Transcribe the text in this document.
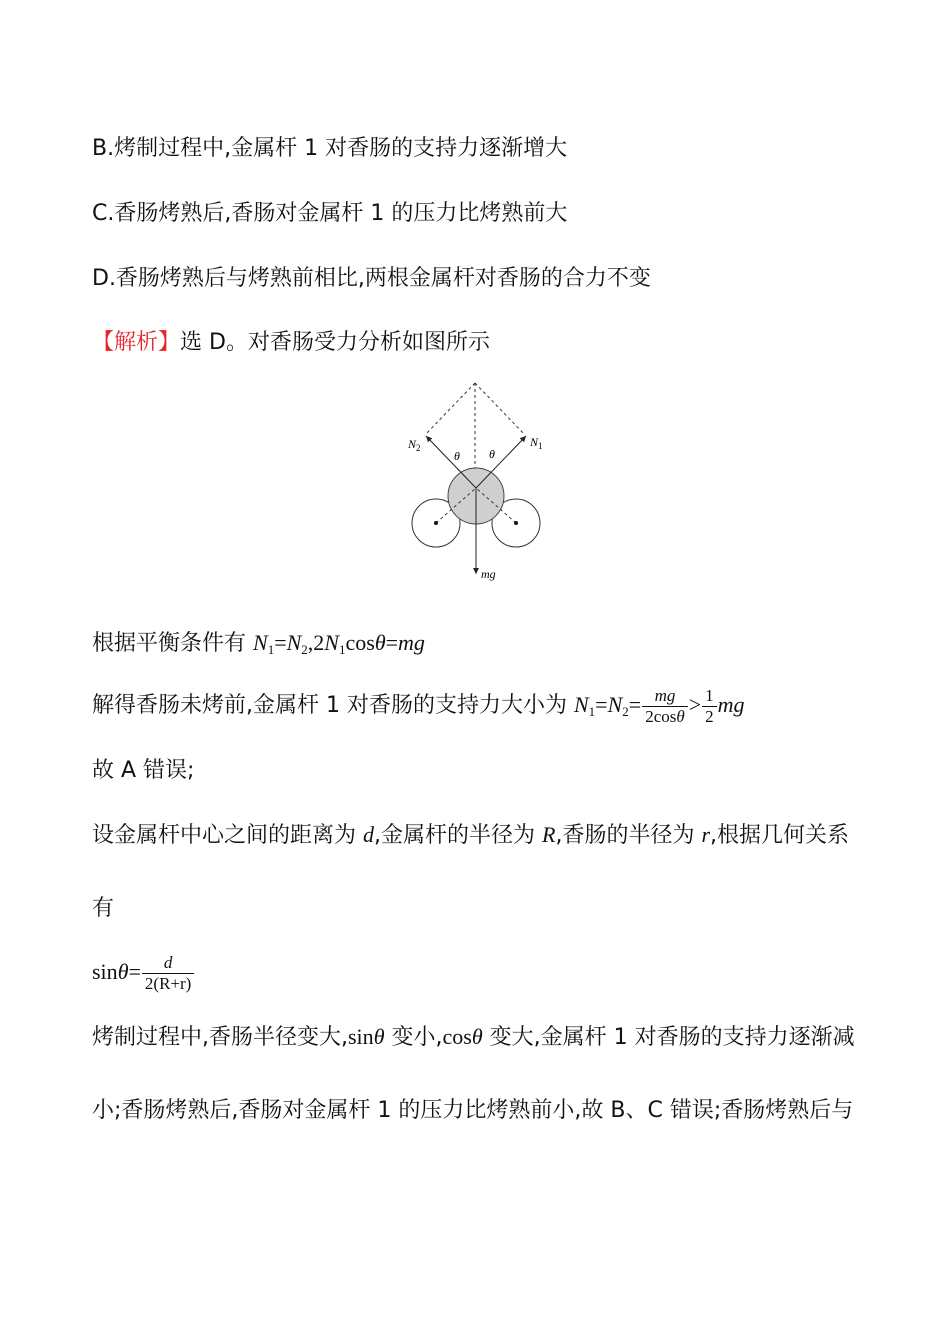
B.烤制过程中,金属杆 1 对香肠的支持力逐渐增大
C.香肠烤熟后,香肠对金属杆 1 的压力比烤熟前大
D.香肠烤熟后与烤熟前相比,两根金属杆对香肠的合力不变
【解析】选 D。对香肠受力分析如图所示
$N_2$	$N_1$
θ θ
mg
根据平衡条件有 $N_1=N_2,2N_1\cos\theta=mg$
解得香肠未烤前,金属杆 1 对香肠的支持力大小为 $N_1=N_2= \frac{mg}{2\cos\theta} > \frac{1}{2}$ mg
故 A 错误;
设金属杆中心之间的距离为 d,金属杆的半径为 R,香肠的半径为 r,根据几何关系
有
$\sin\theta= \frac{d}{2(R+r)}$
烤制过程中,香肠半径变大,sinθ 变小,cosθ 变大,金属杆 1 对香肠的支持力逐渐减
小;香肠烤熟后,香肠对金属杆 1 的压力比烤熟前小,故 B、C 错误;香肠烤熟后与
